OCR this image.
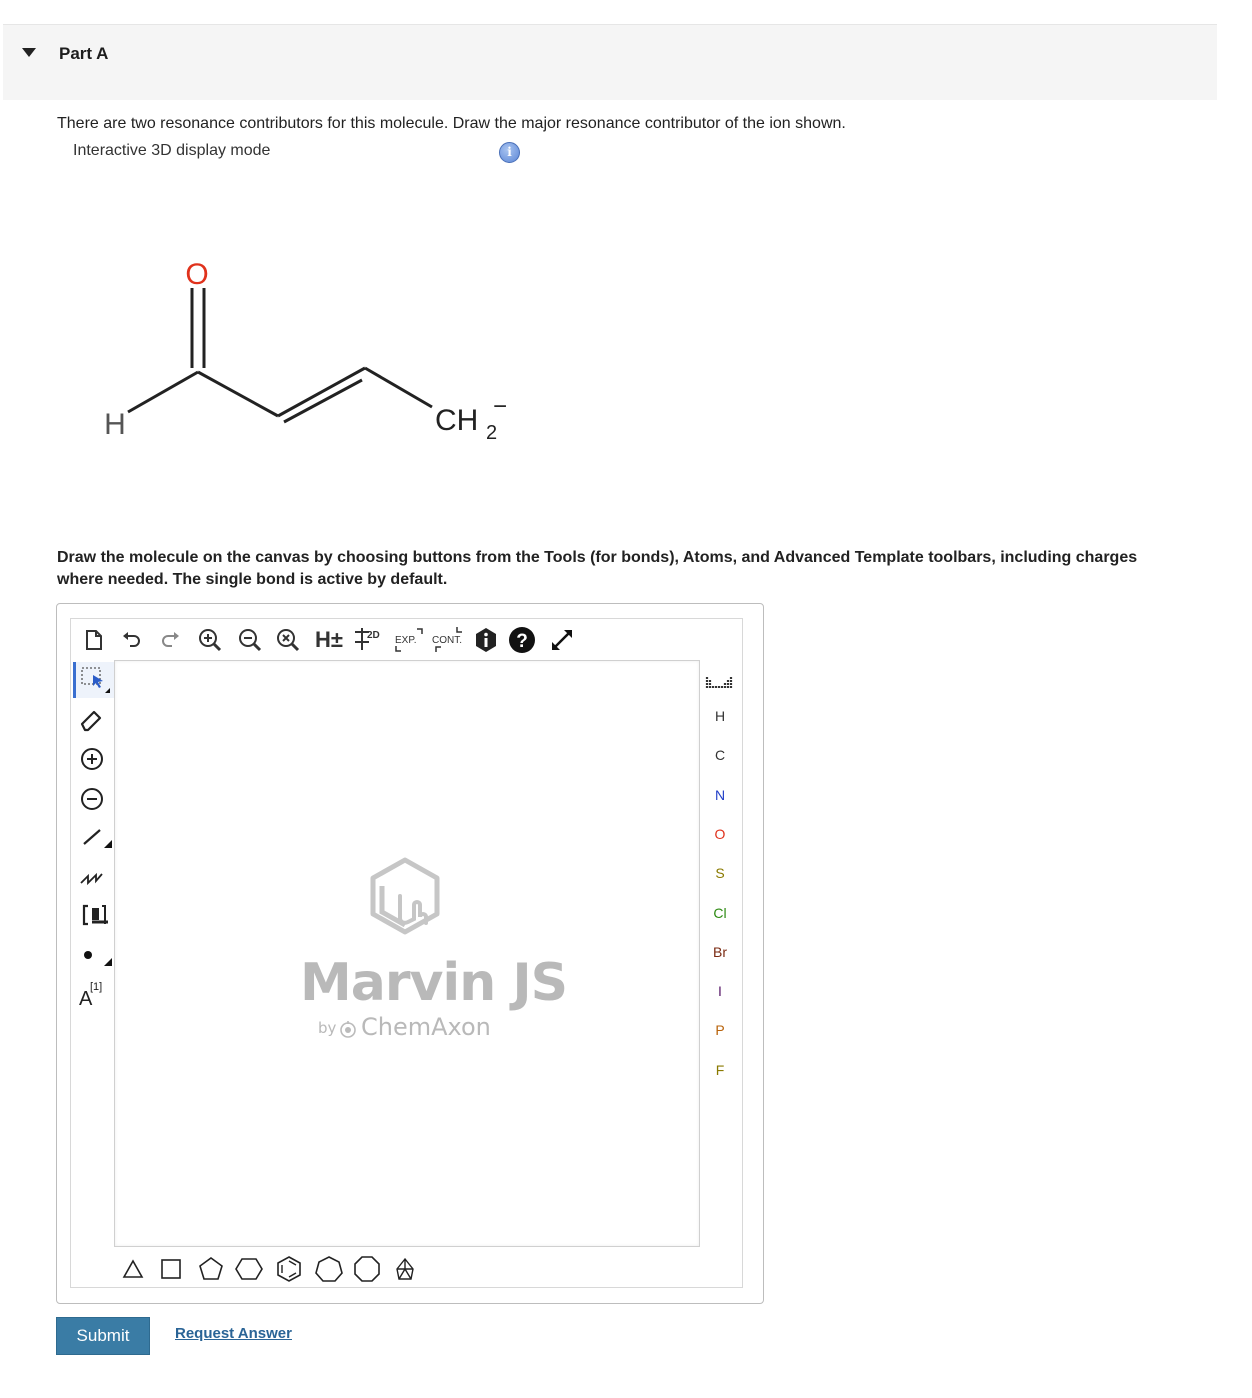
Part A
There are two resonance contributors for this molecule. Draw the major resonance contributor of the ion shown.
Interactive 3D display mode	i
O
H	CH 2
−
Draw the molecule on the canvas by choosing buttons from the Tools (for bonds), Atoms, and Advanced Template toolbars, including charges where needed. The single bond is active by default.
H± 2D EXP. CONT.	?
A
[1]	Marvin JS
by ChemAxon
H
C
N
O
S
Cl
Br
I
P
F
Submit	Request Answer
